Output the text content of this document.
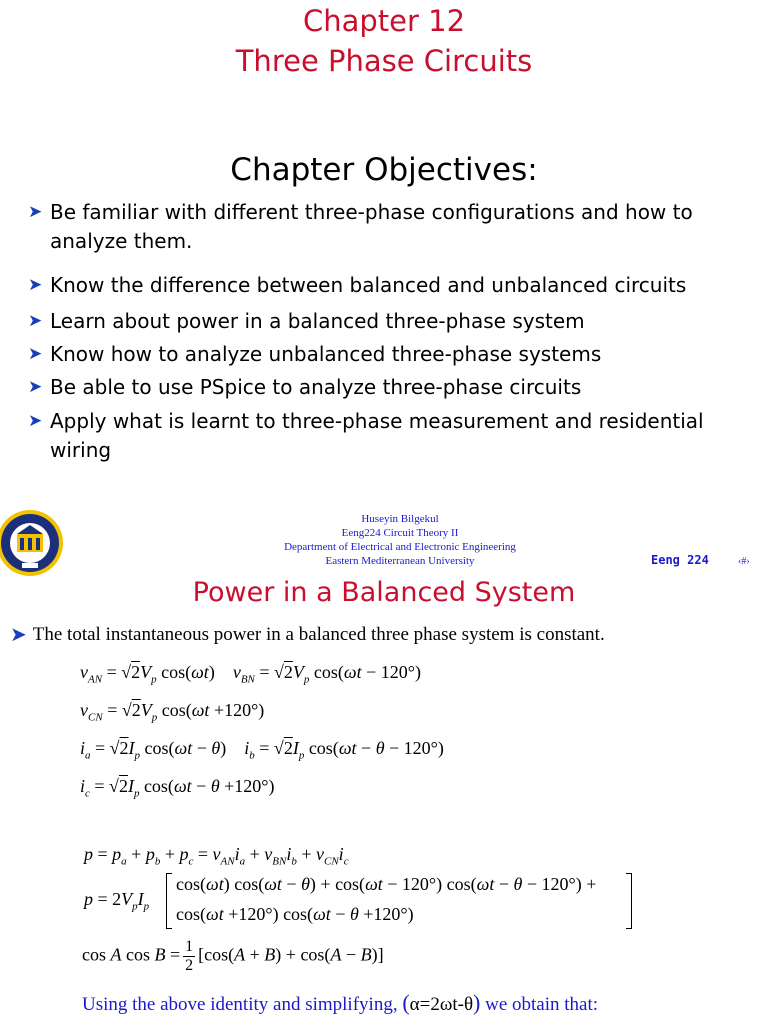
Chapter 12
Three Phase Circuits
Chapter Objectives:
➤ Be familiar with different three-phase configurations and how to analyze them.
➤ Know the difference between balanced and unbalanced circuits
➤ Learn about power in a balanced three-phase system
➤ Know how to analyze unbalanced three-phase systems
➤ Be able to use PSpice to analyze three-phase circuits
➤ Apply what is learnt to three-phase measurement and residential wiring
Huseyin Bilgekul
Eeng224 Circuit Theory II
Department of Electrical and Electronic Engineering
Eastern Mediterranean University	Eeng 224	‹#›
Power in a Balanced System
➤ The total instantaneous power in a balanced three phase system is constant.
$v_{AN} = √2V_p$ cos(ωt)    $v_{BN} = √2V_p$ cos(ωt − 120°)
$v_{CN} = √2V_p$ cos(ωt +120°)
$i_a = √2I_p$ cos(ωt − θ)    $i_b = √2I_p$ cos(ωt − θ − 120°)
$i_c = √2I_p$ cos(ωt − θ +120°)
$p = p_a + p_b + p_c = v_{AN}i_a + v_{BN}i_b + v_{CN}i_c$
$p = 2V_pI_p$
cos(ωt) cos(ωt − θ) + cos(ωt − 120°) cos(ωt − θ − 120°) +
cos(ωt +120°) cos(ωt − θ +120°)
cos A $\cos B = \frac{1}{2} [\cos(A + B) + \cos(A - B)]$
Using the above identity and simplifying, (α=2ωt-θ) we obtain that:
